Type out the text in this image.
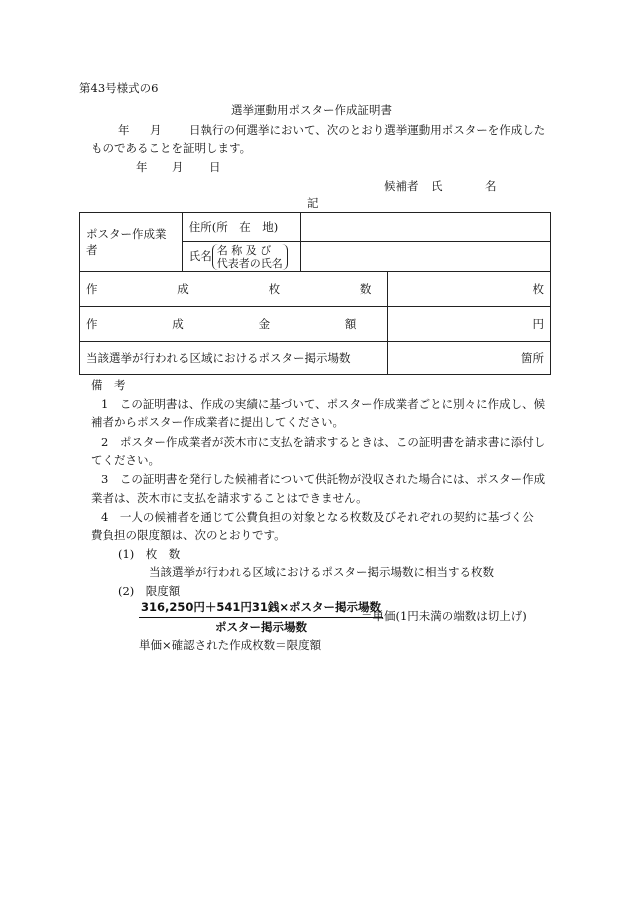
第43号様式の6
選挙運動用ポスター作成証明書
年 月 日執行の何選挙において、次のとおり選挙運動用ポスターを作成した
ものであることを証明します。
年 月 日
候補者 氏	名
記
ポスター作成業者	住所(所　在　地)		
	氏名 名 称 及 び
代表者の氏名		

作 成 枚 数			枚

作 成 金 額			円
当該選挙が行われる区域におけるポスター掲示場数			箇所
備　考
1　この証明書は、作成の実績に基づいて、ポスター作成業者ごとに別々に作成し、候
補者からポスター作成業者に提出してください。
2　ポスター作成業者が茨木市に支払を請求するときは、この証明書を請求書に添付し
てください。
3　この証明書を発行した候補者について供託物が没収された場合には、ポスター作成
業者は、茨木市に支払を請求することはできません。
4　一人の候補者を通じて公費負担の対象となる枚数及びそれぞれの契約に基づく公
費負担の限度額は、次のとおりです。
(1)　枚　数
当該選挙が行われる区域におけるポスター掲示場数に相当する枚数
(2)　限度額
316,250円＋541円31銭×ポスター掲示場数
ポスター掲示場数
＝単価(1円未満の端数は切上げ)
単価×確認された作成枚数＝限度額
